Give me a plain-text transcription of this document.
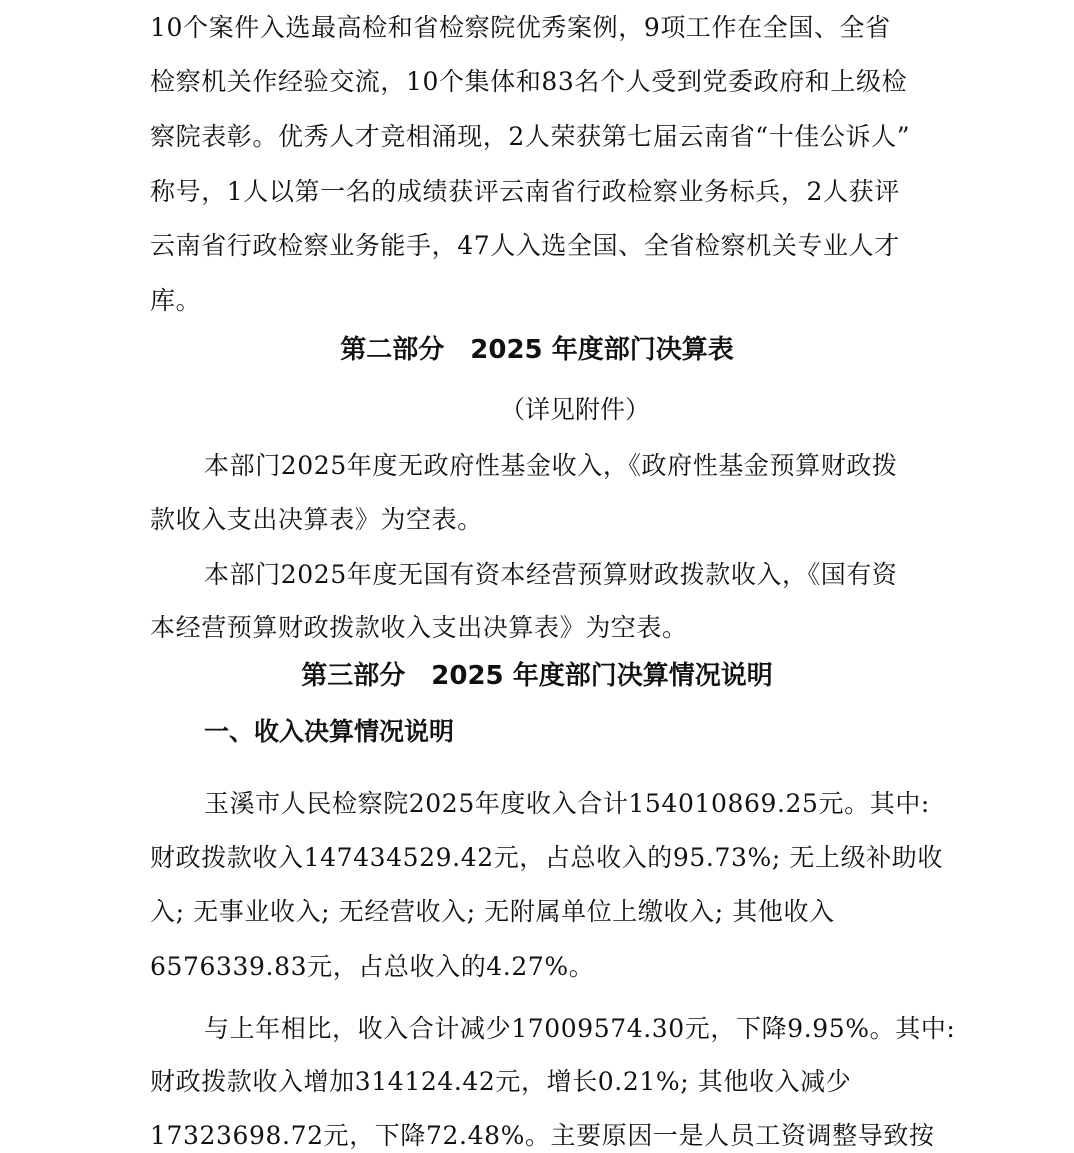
10个案件入选最高检和省检察院优秀案例，9项工作在全国、全省
检察机关作经验交流，10个集体和83名个人受到党委政府和上级检
察院表彰。优秀人才竞相涌现，2人荣获第七届云南省“十佳公诉人”
称号，1人以第一名的成绩获评云南省行政检察业务标兵，2人获评
云南省行政检察业务能手，47人入选全国、全省检察机关专业人才
库。
第二部分　2025 年度部门决算表
（详见附件）
本部门2025年度无政府性基金收入，《政府性基金预算财政拨
款收入支出决算表》为空表。
本部门2025年度无国有资本经营预算财政拨款收入，《国有资
本经营预算财政拨款收入支出决算表》为空表。
第三部分　2025 年度部门决算情况说明
一、收入决算情况说明
玉溪市人民检察院2025年度收入合计154010869.25元。其中:
财政拨款收入147434529.42元，占总收入的95.73%; 无上级补助收
入; 无事业收入; 无经营收入; 无附属单位上缴收入; 其他收入
6576339.83元，占总收入的4.27%。
与上年相比，收入合计减少17009574.30元，下降9.95%。其中:
财政拨款收入增加314124.42元，增长0.21%; 其他收入减少
17323698.72元，下降72.48%。主要原因一是人员工资调整导致按
